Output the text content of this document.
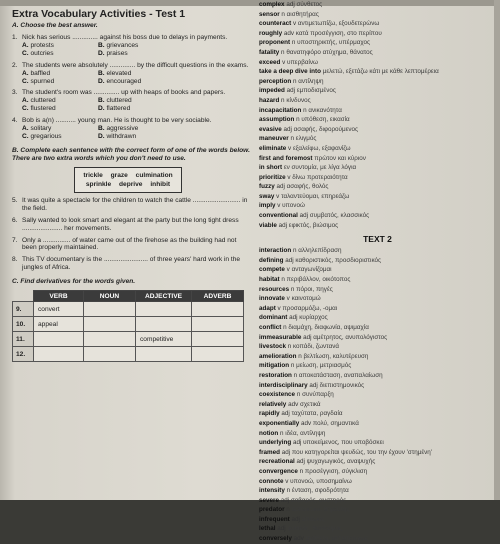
Extra Vocabulary Activities - Test 1
A. Choose the best answer.
1. Nick has serious .............. against his boss due to delays in payments.
A. protests	B. grievances
C. outcries	D. praises
2. The students were absolutely .............. by the difficult questions in the exams.
A. baffled	B. elevated
C. spurned	D. encouraged
3. The student's room was .............. up with heaps of books and papers.
A. cluttered	B. cluttered
C. flustered	D. flattered
4. Bob is a(n) ........... young man. He is thought to be very sociable.
A. solitary	B. aggressive
C. gregarious	D. withdrawn
B. Complete each sentence with the correct form of one of the words below. There are two extra words which you don't need to use.
trickle graze culmination
sprinkle deprive inhibit
5. It was quite a spectacle for the children to watch the cattle .......................... in the field.
6. Sally wanted to look smart and elegant at the party but the long tight dress ...................... her movements.
7. Only a ............... of water came out of the firehose as the building had not been properly maintained.
8. This TV documentary is the ........................ of three years' hard work in the jungles of Africa.
C. Find derivatives for the words given.
	VERB	NOUN	ADJECTIVE	ADVERB
9.	convert			
10.	appeal			
11.			competitive	
12.				
complex adj σύνθετος
sensor n αισθητήρας
counteract v αντιμετωπίζω, εξουδετερώνω
roughly adv κατά προσέγγιση, στο περίπου
proponent n υποστηρικτής, υπέρμαχος
fatality n θανατηφόρο ατύχημα, θάνατος
exceed v υπερβαίνω
take a deep dive into μελετώ, εξετάζω κάτι με κάθε λεπτομέρεια
perception n αντίληψη
impeded adj εμποδισμένος
hazard n κίνδυνος
incapacitation n ανικανότητα
assumption n υπόθεση, εικασία
evasive adj ασαφής, διφορούμενος
maneuver n ελιγμός
eliminate v εξαλείφω, εξαφανίζω
first and foremost πρώτον και κύριον
in short εν συντομία, με λίγα λόγια
prioritize v δίνω προτεραιότητα
fuzzy adj ασαφής, θολός
sway v ταλαντεύομαι, επηρεάζω
imply v υπονοώ
conventional adj συμβατός, κλασσικός
viable adj εφικτός, βιώσιμος
TEXT 2
interaction n αλληλεπίδραση
defining adj καθοριστικός, προσδιοριστικός
compete v ανταγωνίζομαι
habitat n περιβάλλον, οικότοπος
resources n πόροι, πηγές
innovate v καινοτομώ
adapt v προσαρμόζω, -ομαι
dominant adj κυρίαρχος
conflict n διαμάχη, διαφωνία, αψιμαχία
immeasurable adj αμέτρητος, ανυπολόγιστος
livestock n κοπάδι, ζωντανά
amelioration n βελτίωση, καλυτέρευση
mitigation n μείωση, μετριασμός
restoration n αποκατάσταση, αναπαλαίωση
interdisciplinary adj διεπιστημονικός
coexistence n συνύπαρξη
relatively adv σχετικά
rapidly adj ταχύτατα, ραγδαία
exponentially adv πολύ, σημαντικά
notion n ιδέα, αντίληψη
underlying adj υποκείμενος, που υποβόσκει
framed adj που κατηγορείται ψευδώς, του την έχουν 'στημένη'
recreational adj ψυχαγωγικός, αναψυχής
convergence n προσέγγιση, σύγκλιση
connote v υπονοώ, υποσημαίνω
intensity n ένταση, σφοδρότητα
severe adj σοβαρός, αυστηρός
predator n αρπακτικό, θηρευτής
infrequent adj σπάνιος
lethal adj φονικός, θανάσιμος
conversely adv αντίθετα, αντιστρόφως
